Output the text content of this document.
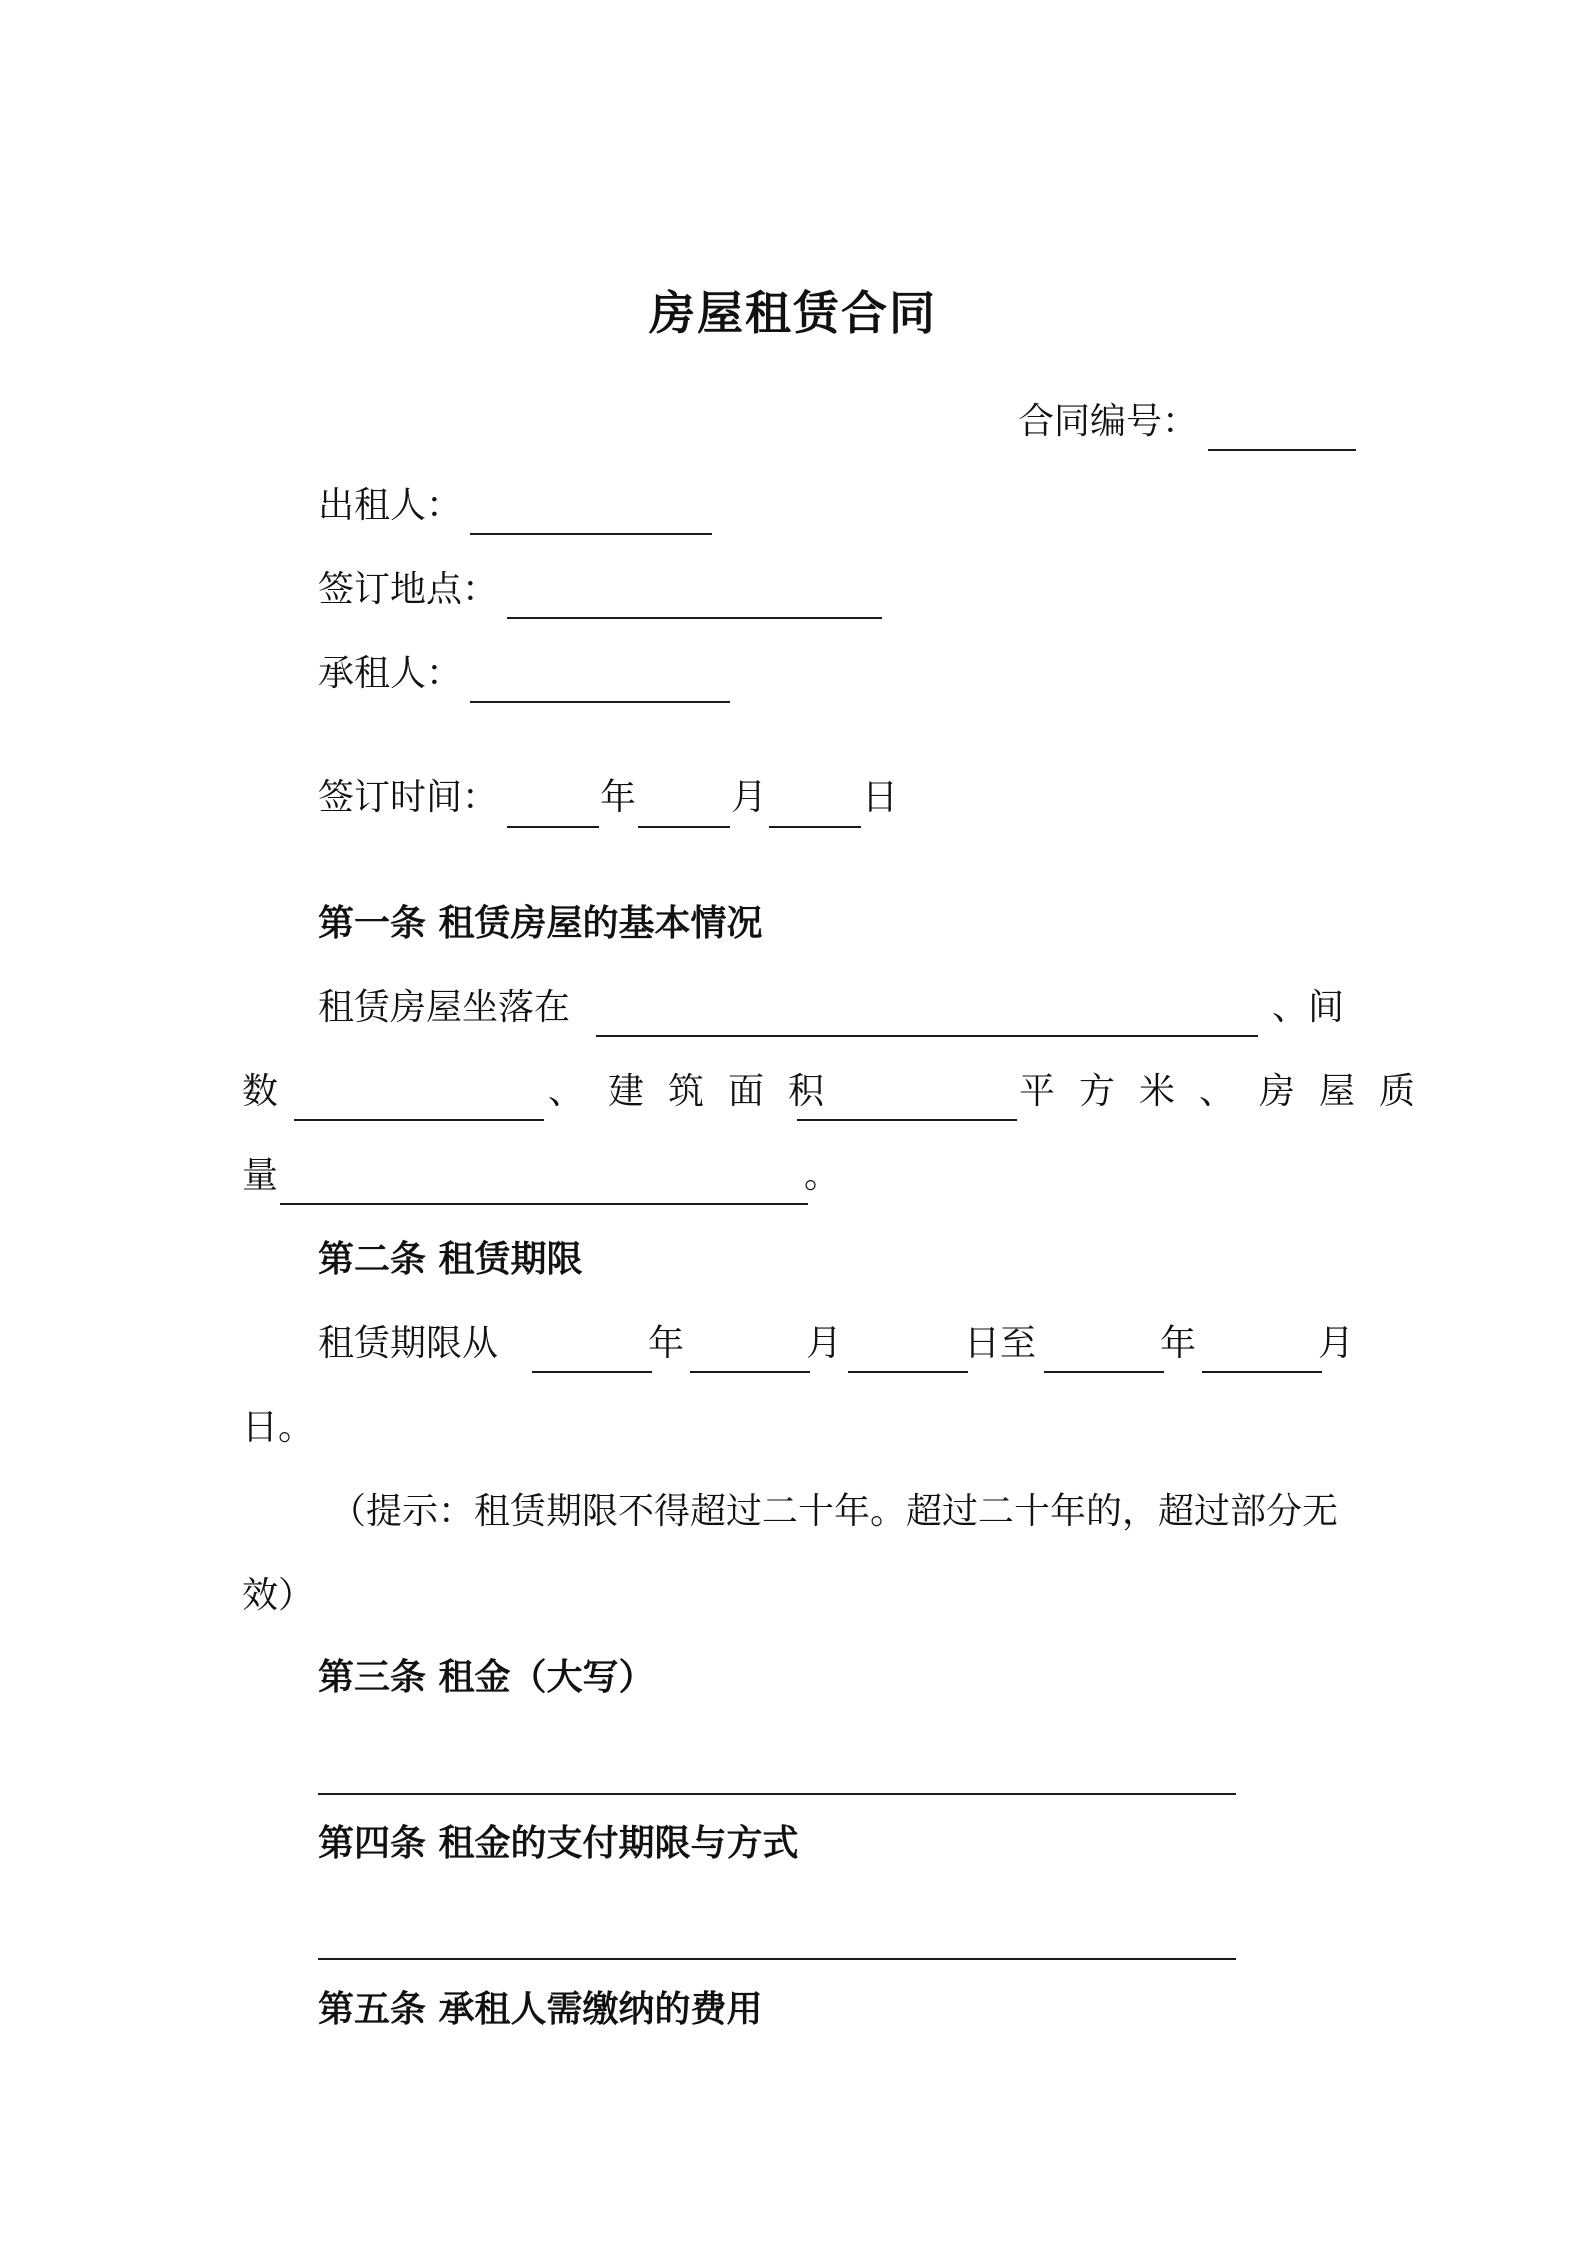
房屋租赁合同

合同编号：

出租人：

签订地点：

承租人：

签订时间：	年	月	日

第一条 租赁房屋的基本情况

租赁房屋坐落在	、间

数	、建筑面积	平方米、房屋质

量	。

第二条 租赁期限

租赁期限从	年	月	日至	年	月

日。

（提示：租赁期限不得超过二十年。超过二十年的，超过部分无

效）

第三条 租金（大写）

第四条 租金的支付期限与方式

第五条 承租人需缴纳的费用
